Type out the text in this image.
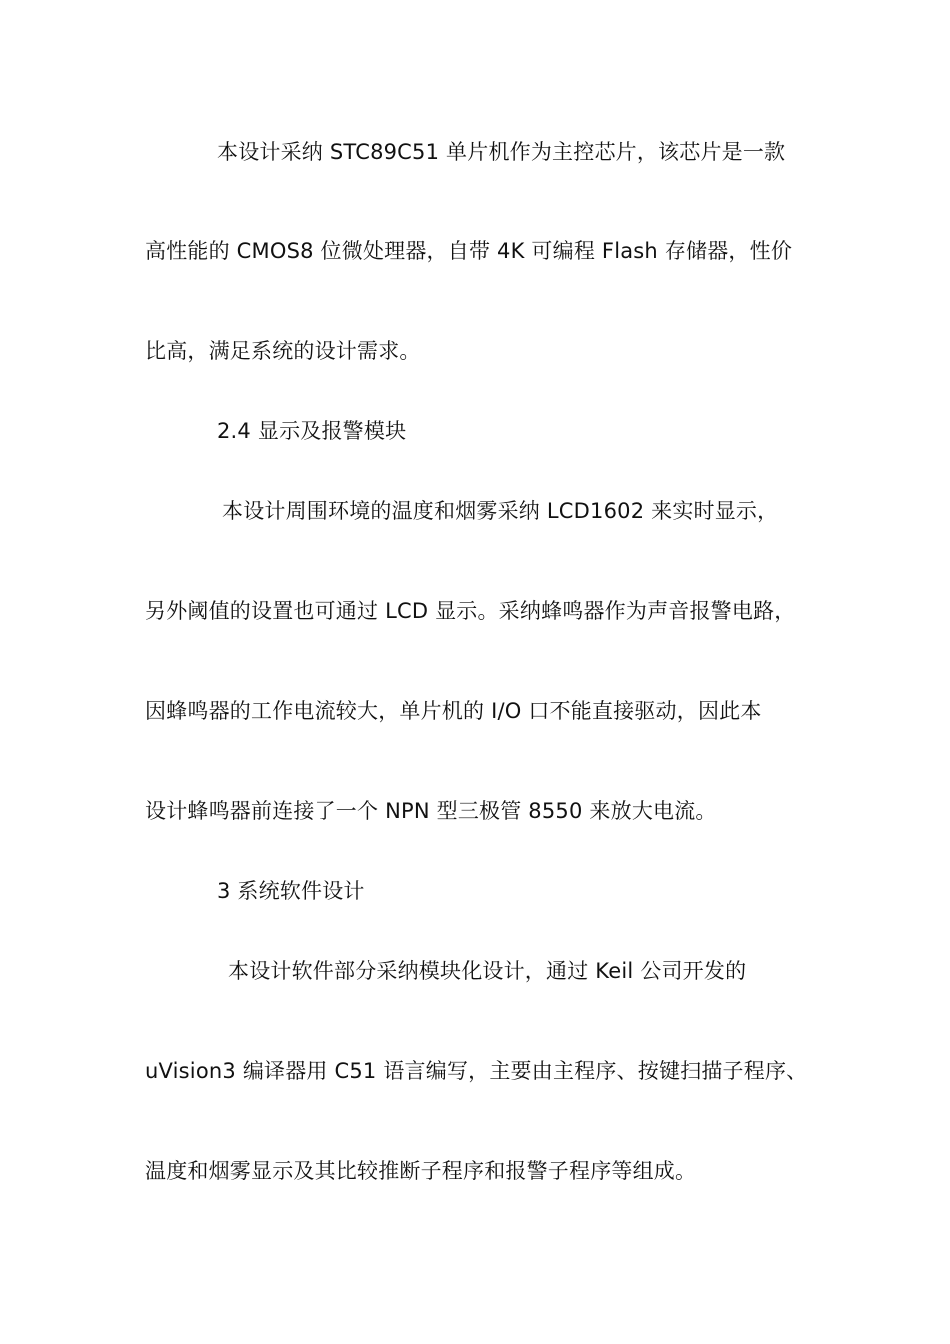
本设计采纳 STC89C51 单片机作为主控芯片，该芯片是一款
高性能的 CMOS8 位微处理器，自带 4K 可编程 Flash 存储器，性价
比高，满足系统的设计需求。
2.4 显示及报警模块
本设计周围环境的温度和烟雾采纳 LCD1602 来实时显示，
另外阈值的设置也可通过 LCD 显示。采纳蜂鸣器作为声音报警电路，
因蜂鸣器的工作电流较大，单片机的 I/O 口不能直接驱动，因此本
设计蜂鸣器前连接了一个 NPN 型三极管 8550 来放大电流。
3 系统软件设计
本设计软件部分采纳模块化设计，通过 Keil 公司开发的
uVision3 编译器用 C51 语言编写，主要由主程序、按键扫描子程序、
温度和烟雾显示及其比较推断子程序和报警子程序等组成。
